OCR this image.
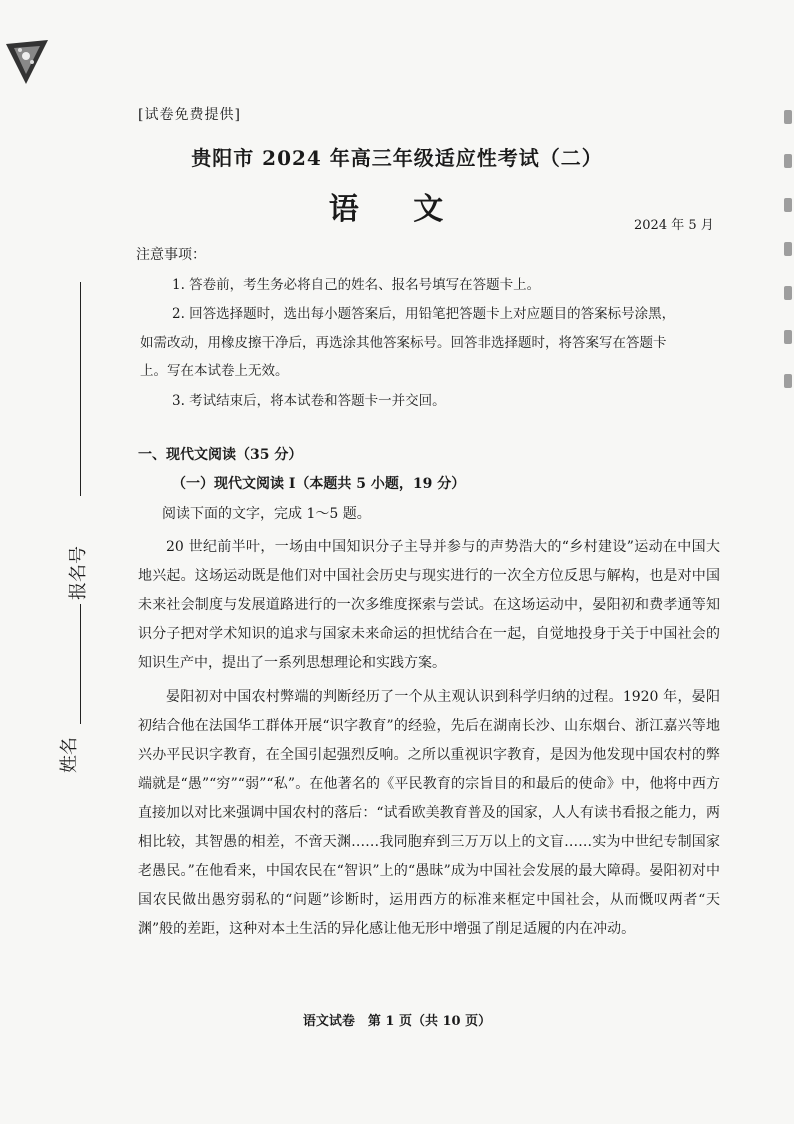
[试卷免费提供]
贵阳市 2024 年高三年级适应性考试（二）
语 文	2024 年 5 月
注意事项：
1. 答卷前，考生务必将自己的姓名、报名号填写在答题卡上。
2. 回答选择题时，选出每小题答案后，用铅笔把答题卡上对应题目的答案标号涂黑，
如需改动，用橡皮擦干净后，再选涂其他答案标号。回答非选择题时，将答案写在答题卡
上。写在本试卷上无效。
3. 考试结束后，将本试卷和答题卡一并交回。
一、现代文阅读（35 分）
（一）现代文阅读 I（本题共 5 小题，19 分）
阅读下面的文字，完成 1～5 题。

20 世纪前半叶，一场由中国知识分子主导并参与的声势浩大的“乡村建设”运动在中国大地兴起。这场运动既是他们对中国社会历史与现实进行的一次全方位反思与解构，也是对中国未来社会制度与发展道路进行的一次多维度探索与尝试。在这场运动中，晏阳初和费孝通等知识分子把对学术知识的追求与国家未来命运的担忧结合在一起，自觉地投身于关于中国社会的知识生产中，提出了一系列思想理论和实践方案。

晏阳初对中国农村弊端的判断经历了一个从主观认识到科学归纳的过程。1920 年，晏阳初结合他在法国华工群体开展“识字教育”的经验，先后在湖南长沙、山东烟台、浙江嘉兴等地兴办平民识字教育，在全国引起强烈反响。之所以重视识字教育，是因为他发现中国农村的弊端就是“愚”“穷”“弱”“私”。在他著名的《平民教育的宗旨目的和最后的使命》中，他将中西方直接加以对比来强调中国农村的落后：“试看欧美教育普及的国家，人人有读书看报之能力，两相比较，其智愚的相差，不啻天渊……我同胞弃到三万万以上的文盲……实为中世纪专制国家老愚民。”在他看来，中国农民在“智识”上的“愚昧”成为中国社会发展的最大障碍。晏阳初对中国农民做出愚穷弱私的“问题”诊断时，运用西方的标准来框定中国社会，从而慨叹两者“天渊”般的差距，这种对本土生活的异化感让他无形中增强了削足适履的内在冲动。

报名号
姓名
语文试卷　第 1 页（共 10 页）
